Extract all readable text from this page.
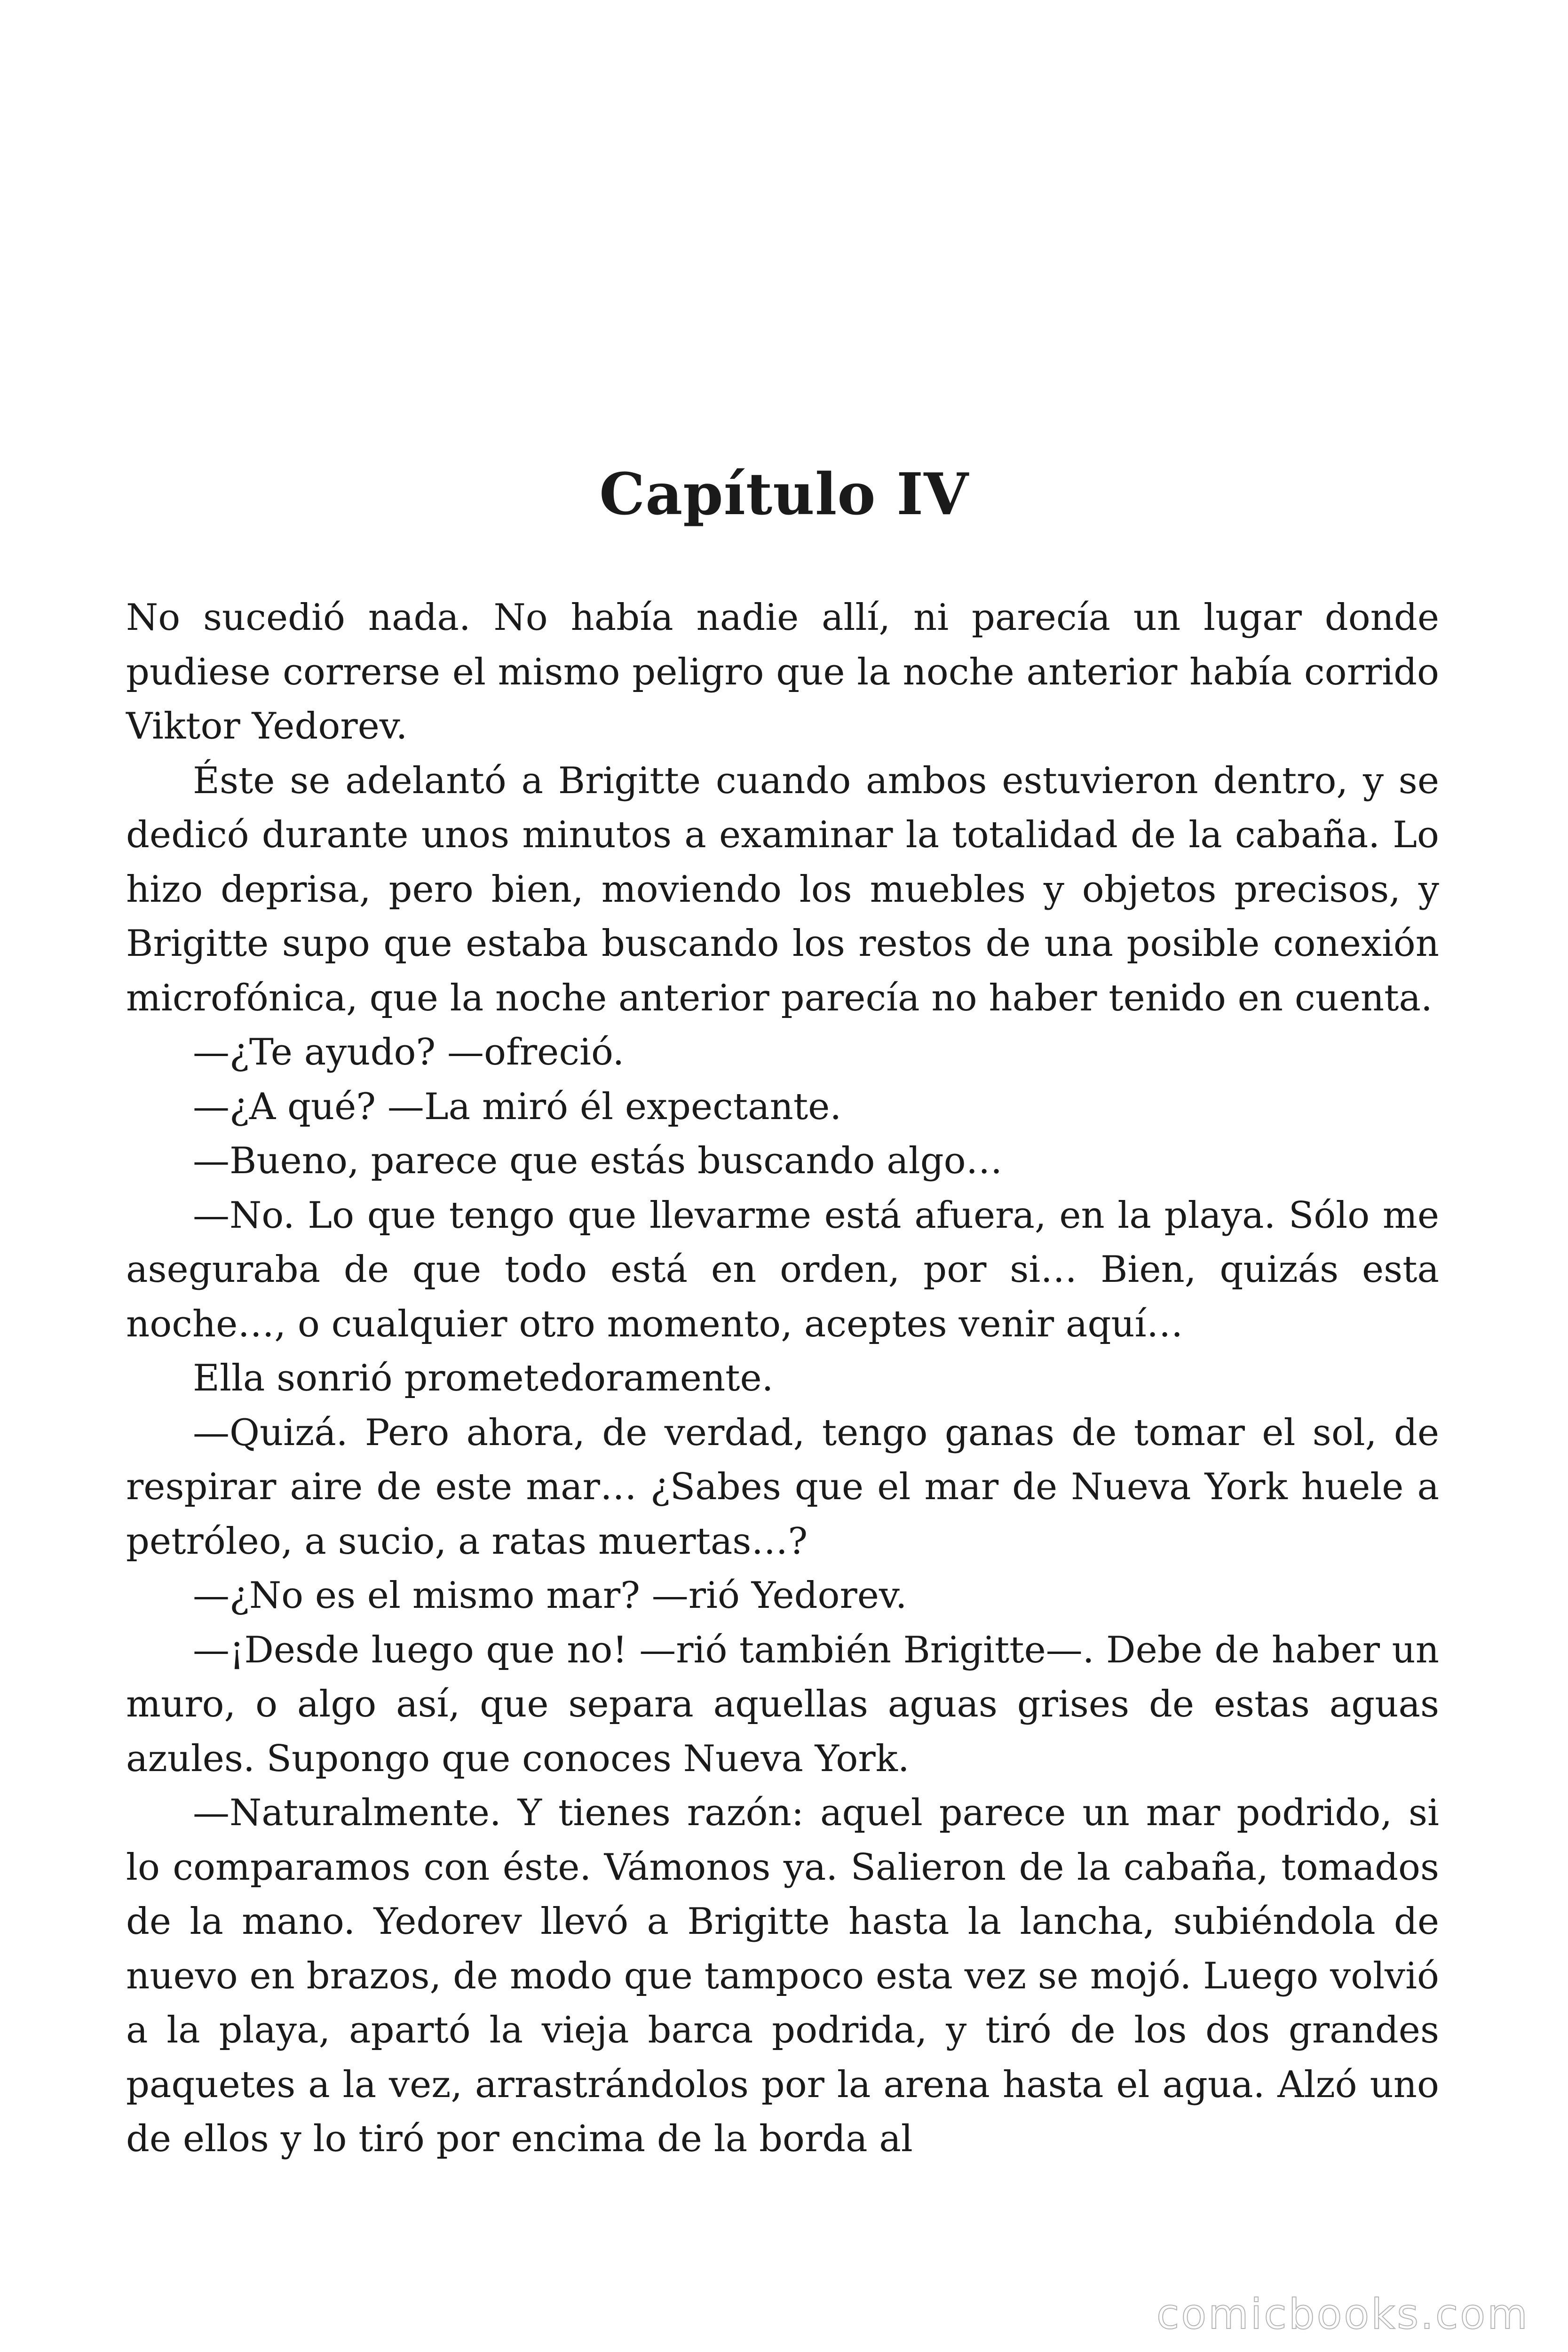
Capítulo IV

No sucedió nada. No había nadie allí, ni parecía un lugar donde pudiese correrse el mismo peligro que la noche anterior había corrido Viktor Yedorev.

Éste se adelantó a Brigitte cuando ambos estuvieron dentro, y se dedicó durante unos minutos a examinar la totalidad de la cabaña. Lo hizo deprisa, pero bien, moviendo los muebles y objetos precisos, y Brigitte supo que estaba buscando los restos de una posible conexión microfónica, que la noche anterior parecía no haber tenido en cuenta.

—¿Te ayudo? —ofreció.

—¿A qué? —La miró él expectante.

—Bueno, parece que estás buscando algo…

—No. Lo que tengo que llevarme está afuera, en la playa. Sólo me aseguraba de que todo está en orden, por si… Bien, quizás esta noche…, o cualquier otro momento, aceptes venir aquí…

Ella sonrió prometedoramente.

—Quizá. Pero ahora, de verdad, tengo ganas de tomar el sol, de respirar aire de este mar… ¿Sabes que el mar de Nueva York huele a petróleo, a sucio, a ratas muertas…?

—¿No es el mismo mar? —rió Yedorev.

—¡Desde luego que no! —rió también Brigitte—. Debe de haber un muro, o algo así, que separa aquellas aguas grises de estas aguas azules. Supongo que conoces Nueva York.

—Naturalmente. Y tienes razón: aquel parece un mar podrido, si lo comparamos con éste. Vámonos ya. Salieron de la cabaña, tomados de la mano. Yedorev llevó a Brigitte hasta la lancha, subiéndola de nuevo en brazos, de modo que tampoco esta vez se mojó. Luego volvió a la playa, apartó la vieja barca podrida, y tiró de los dos grandes paquetes a la vez, arrastrándolos por la arena hasta el agua. Alzó uno de ellos y lo tiró por encima de la borda al

comicbooks.com
